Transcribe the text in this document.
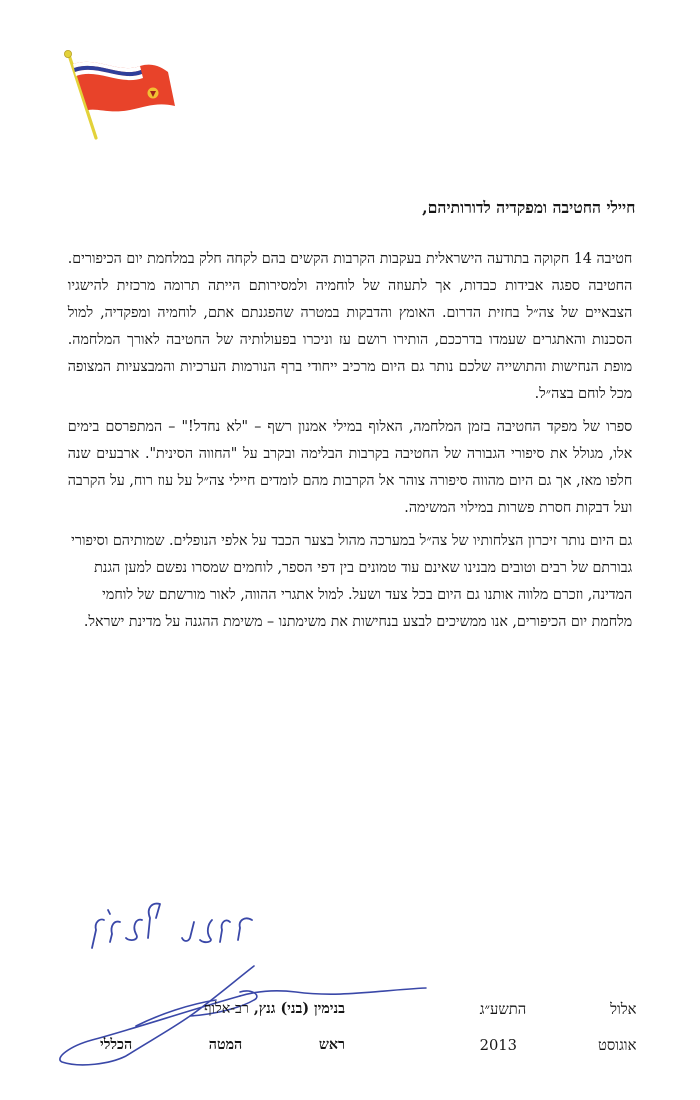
חיילי החטיבה ומפקדיה לדורותיהם,

חטיבה 14 חקוקה בתודעה הישראלית בעקבות הקרבות הקשים בהם לקחה חלק במלחמת יום הכיפורים. החטיבה ספגה אבידות כבדות, אך לתעוזה של לוחמיה ולמסירותם הייתה תרומה מרכזית להישגיו הצבאיים של צה״ל בחזית הדרום. האומץ והדבקות במטרה שהפגנתם אתם, לוחמיה ומפקדיה, למול הסכנות והאתגרים שעמדו בדרככם, הותירו רושם עז וניכרו בפעולותיה של החטיבה לאורך המלחמה. מופת הנחישות והתושייה שלכם נותר גם היום מרכיב ייחודי ברף הנורמות הערכיות והמבצעיות המצופה מכל לוחם בצה״ל.

ספרו של מפקד החטיבה בזמן המלחמה, האלוף במילי אמנון רשף – "לא נחדל!" – המתפרסם בימים אלו, מגולל את סיפורי הגבורה של החטיבה בקרבות הבלימה ובקרב על "החווה הסינית". ארבעים שנה חלפו מאז, אך גם היום מהווה סיפורה צוהר אל הקרבות מהם לומדים חיילי צה״ל על עוז רוח, על הקרבה ועל דבקות חסרת פשרות במילוי המשימה.

גם היום נותר זיכרון הצלחותיו של צה״ל במערכה מהול בצער הכבד על אלפי הנופלים. שמותיהם וסיפורי גבורתם של רבים וטובים מבנינו שאינם עוד טמונים בין דפי הספר, לוחמים שמסרו נפשם למען הגנת המדינה, וזכרם מלווה אותנו גם היום בכל צעד ושעל. למול אתגרי ההווה, לאור מורשתם של לוחמי מלחמת יום הכיפורים, אנו ממשיכים לבצע בנחישות את משימתנו – משימת ההגנה על מדינת ישראל.

בנימין (בני) גנץ, רב-אלוף
ראש
המטה
הכללי
אלול
התשע״ג
אוגוסט
2013
